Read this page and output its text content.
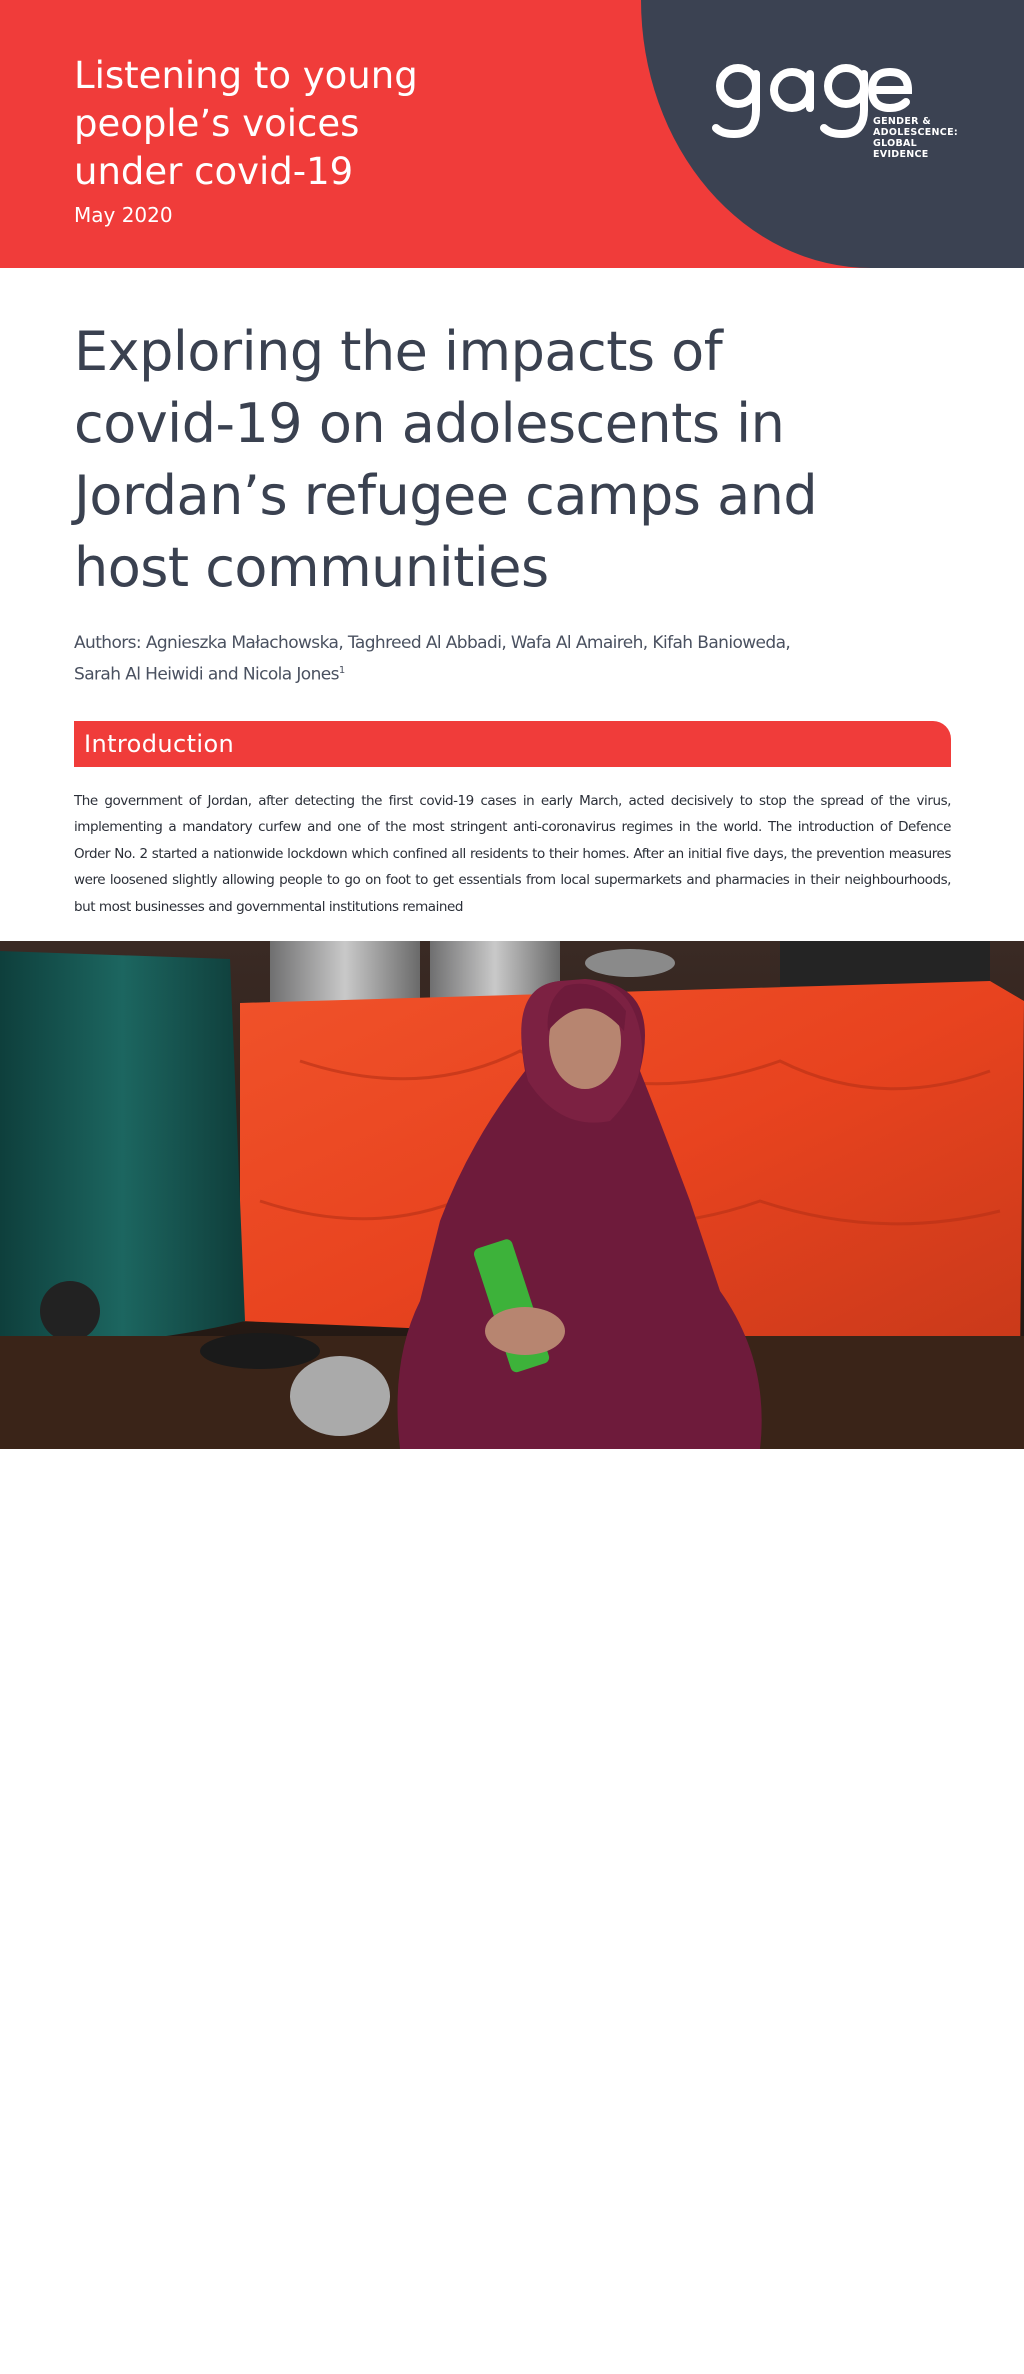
Listening to young
people’s voices
under covid-19
May 2020
gage
GENDER &
ADOLESCENCE:
GLOBAL
EVIDENCE
Exploring the impacts of
covid-19 on adolescents in
Jordan’s refugee camps and
host communities
Authors: Agnieszka Małachowska, Taghreed Al Abbadi, Wafa Al Amaireh, Kifah Banioweda,
Sarah Al Heiwidi and Nicola Jones$^1$
Introduction

The government of Jordan, after detecting the first covid-19 cases in early March, acted decisively to stop the spread of the virus, implementing a mandatory curfew and one of the most stringent anti-coronavirus regimes in the world. The introduction of Defence Order No. 2 started a nationwide lockdown which confined all residents to their homes. After an initial five days, the prevention measures were loosened slightly allowing people to go on foot to get essentials from local supermarkets and pharmacies in their neighbourhoods, but most businesses and governmental institutions remained

Adolescent married girl in an informal tented settlement
in Jordan © Nathalie Bertrams / GAGE 2020
